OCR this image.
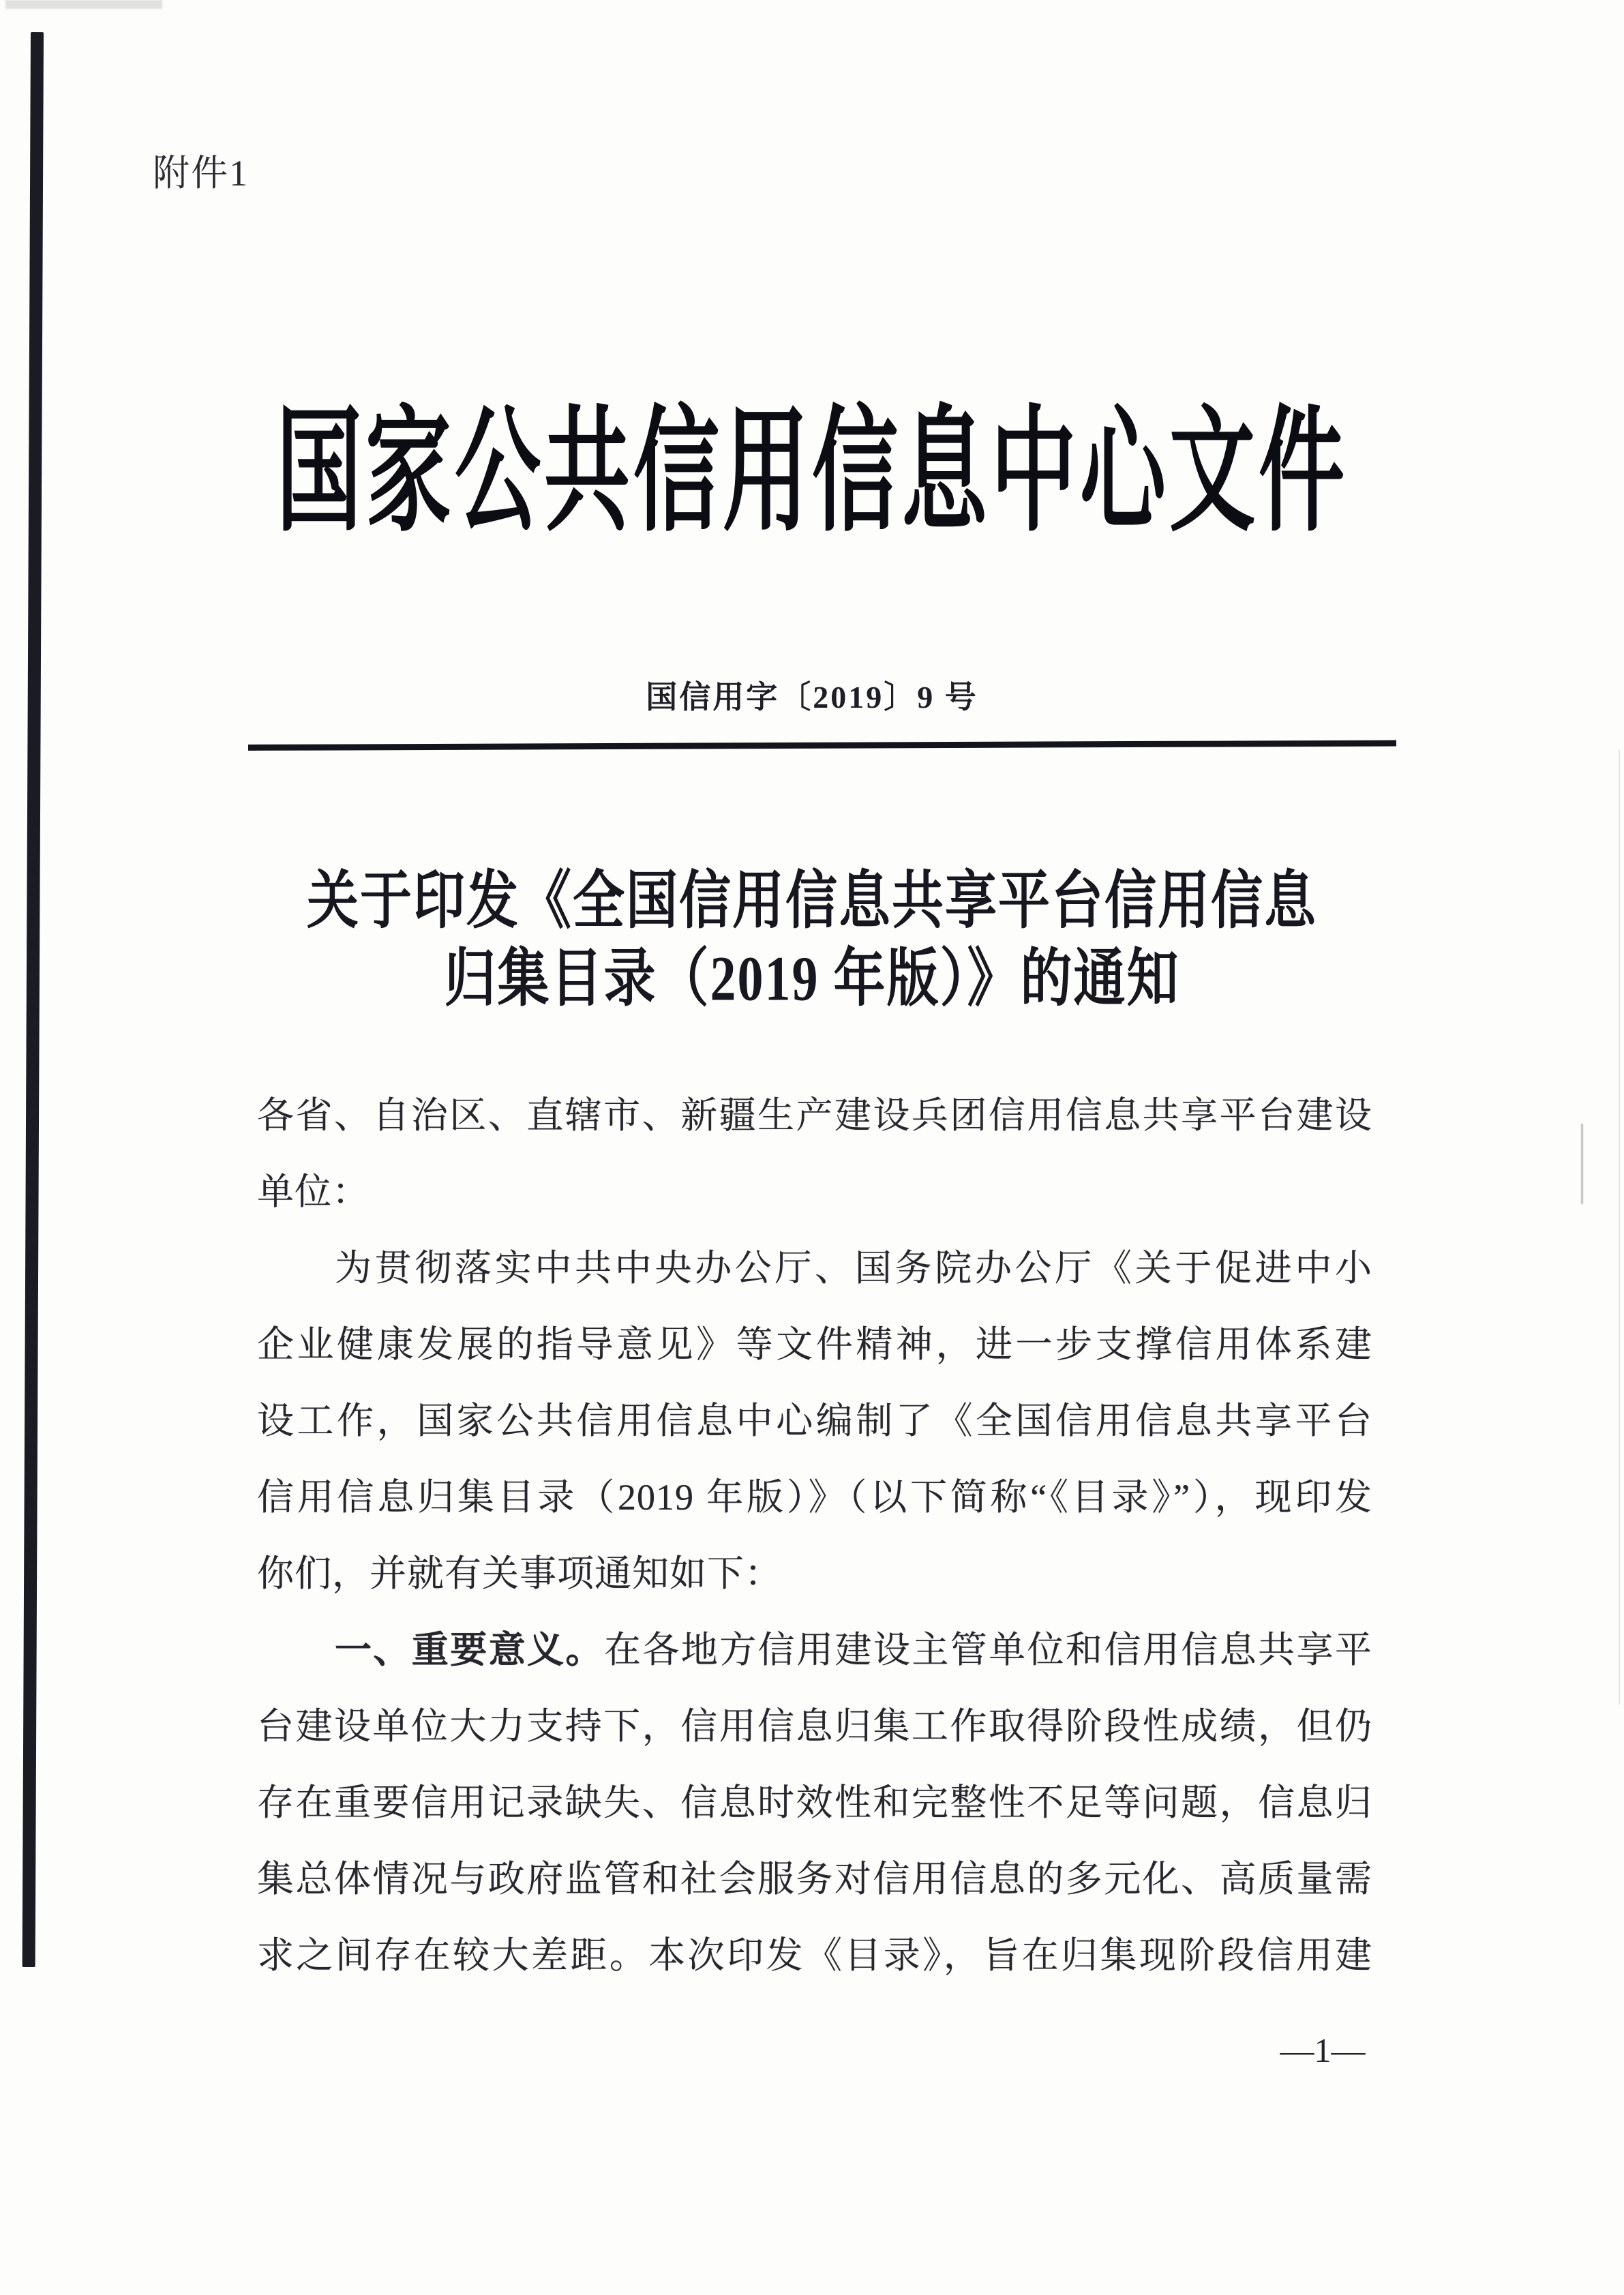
附件1
国家公共信用信息中心文件
国信用字〔2019〕9 号
关于印发《全国信用信息共享平台信用信息
归集目录（2019 年版）》的通知
各省、自治区、直辖市、新疆生产建设兵团信用信息共享平台建设
单位：
为贯彻落实中共中央办公厅、国务院办公厅《关于促进中小
企业健康发展的指导意见》等文件精神，进一步支撑信用体系建
设工作，国家公共信用信息中心编制了《全国信用信息共享平台
信用信息归集目录（2019 年版）》（以下简称“《目录》”），现印发
你们，并就有关事项通知如下：
一、重要意义。在各地方信用建设主管单位和信用信息共享平
台建设单位大力支持下，信用信息归集工作取得阶段性成绩，但仍
存在重要信用记录缺失、信息时效性和完整性不足等问题，信息归
集总体情况与政府监管和社会服务对信用信息的多元化、高质量需
求之间存在较大差距。本次印发《目录》，旨在归集现阶段信用建
—1—
